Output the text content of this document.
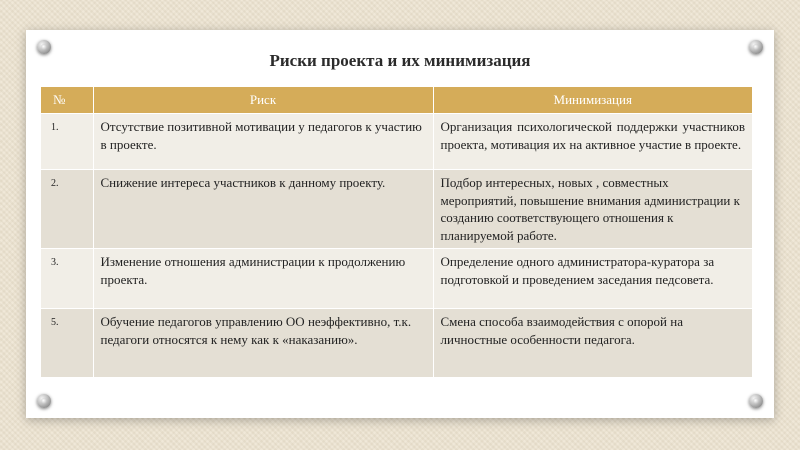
Риски проекта и их минимизация
№	Риск	Минимизация
1.	Отсутствие позитивной мотивации у педагогов к участию в проекте.	Организация психологической поддержки участников проекта, мотивация их на активное участие в проекте.
2.	Снижение интереса участников к данному проекту.	Подбор интересных, новых , совместных мероприятий, повышение внимания администрации к созданию соответствующего отношения к планируемой работе.
3.	Изменение отношения администрации к продолжению проекта.	Определение одного администратора-куратора за подготовкой и проведением заседания педсовета.
5.	Обучение педагогов управлению ОО неэффективно, т.к. педагоги относятся к нему как к «наказанию».	Смена способа взаимодействия с опорой на личностные особенности педагога.
